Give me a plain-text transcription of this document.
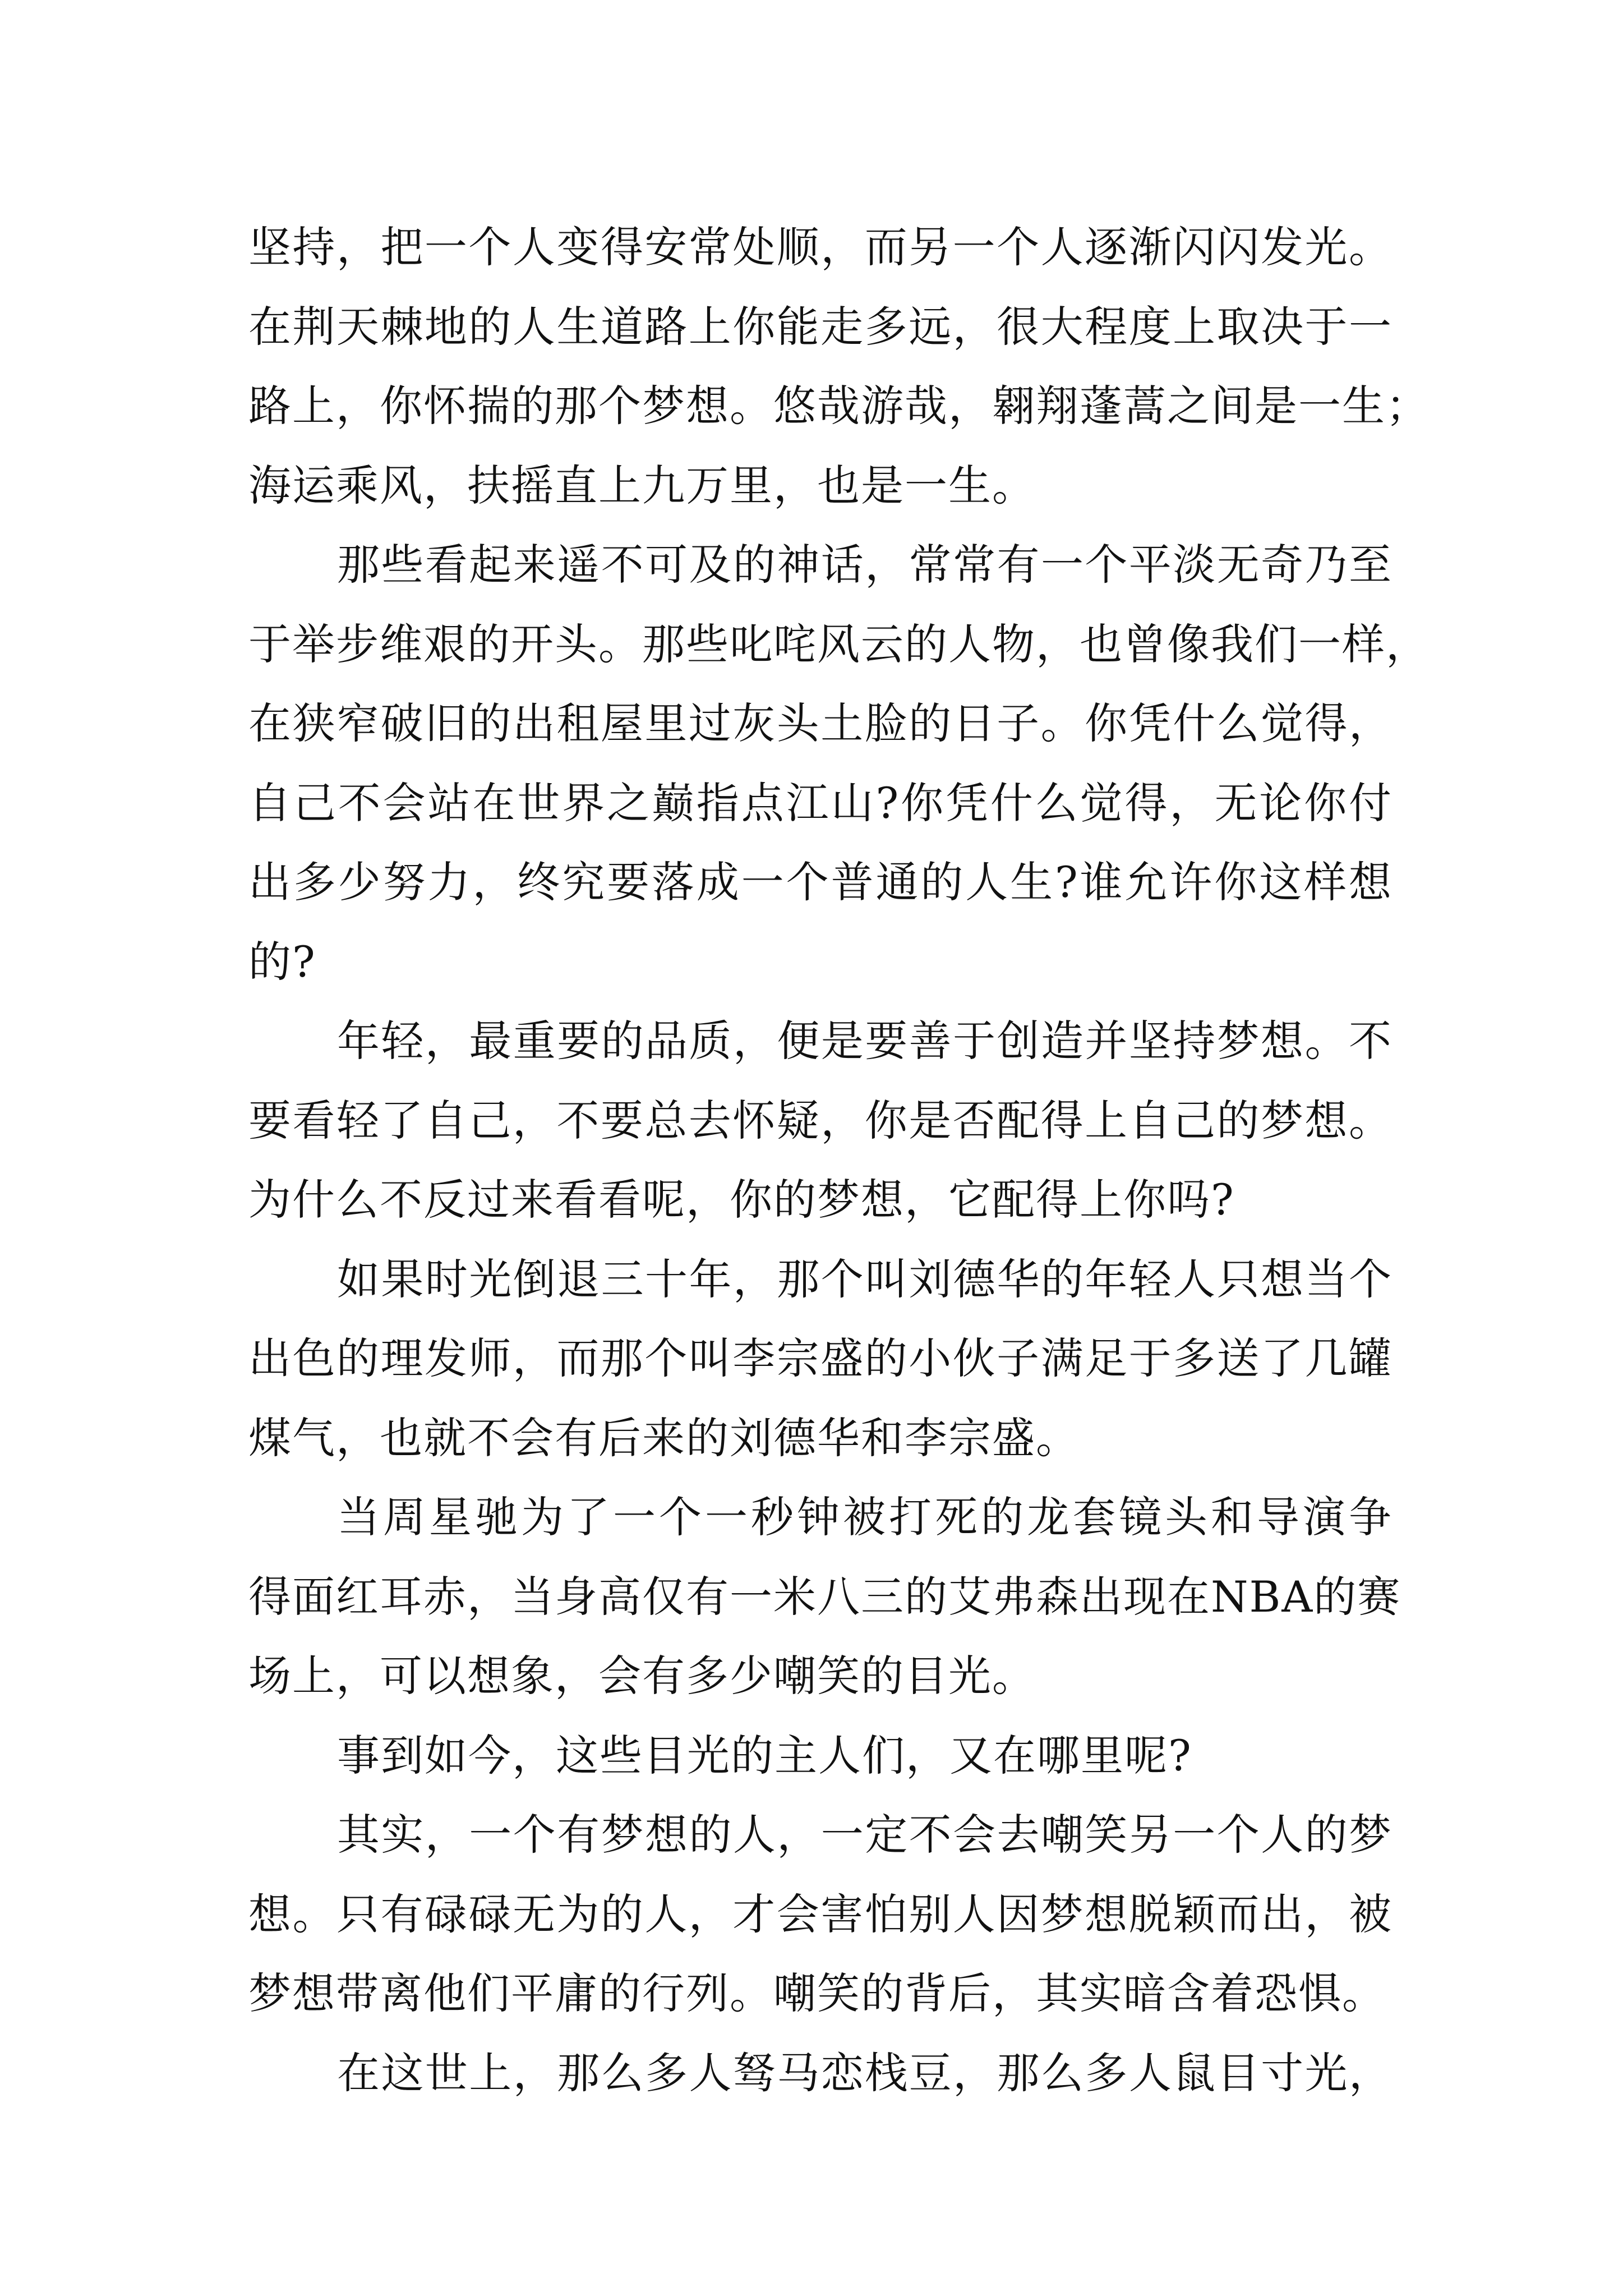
坚持，把一个人变得安常处顺，而另一个人逐渐闪闪发光。
在荆天棘地的人生道路上你能走多远，很大程度上取决于一
路上，你怀揣的那个梦想。悠哉游哉，翱翔蓬蒿之间是一生；
海运乘风，扶摇直上九万里，也是一生。
那些看起来遥不可及的神话，常常有一个平淡无奇乃至
于举步维艰的开头。那些叱咤风云的人物，也曾像我们一样，
在狭窄破旧的出租屋里过灰头土脸的日子。你凭什么觉得，
自己不会站在世界之巅指点江山?你凭什么觉得，无论你付
出多少努力，终究要落成一个普通的人生?谁允许你这样想
的?
年轻，最重要的品质，便是要善于创造并坚持梦想。不
要看轻了自己，不要总去怀疑，你是否配得上自己的梦想。
为什么不反过来看看呢，你的梦想，它配得上你吗?
如果时光倒退三十年，那个叫刘德华的年轻人只想当个
出色的理发师，而那个叫李宗盛的小伙子满足于多送了几罐
煤气，也就不会有后来的刘德华和李宗盛。
当周星驰为了一个一秒钟被打死的龙套镜头和导演争
得面红耳赤，当身高仅有一米八三的艾弗森出现在NBA的赛
场上，可以想象，会有多少嘲笑的目光。
事到如今，这些目光的主人们，又在哪里呢?
其实，一个有梦想的人，一定不会去嘲笑另一个人的梦
想。只有碌碌无为的人，才会害怕别人因梦想脱颖而出，被
梦想带离他们平庸的行列。嘲笑的背后，其实暗含着恐惧。
在这世上，那么多人驽马恋栈豆，那么多人鼠目寸光，
